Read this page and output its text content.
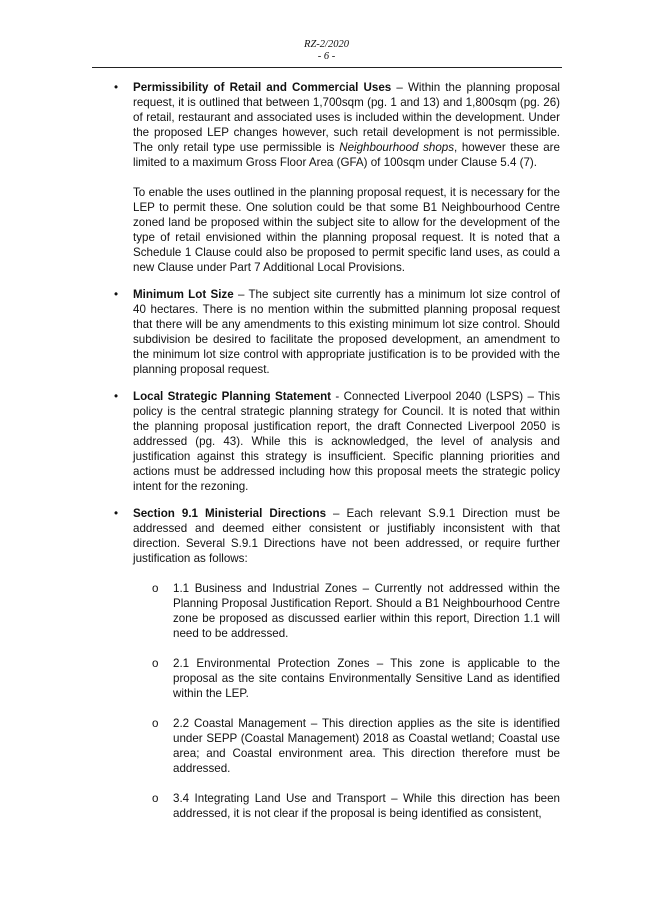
RZ-2/2020
- 6 -
• Permissibility of Retail and Commercial Uses – Within the planning proposal request, it is outlined that between 1,700sqm (pg. 1 and 13) and 1,800sqm (pg. 26) of retail, restaurant and associated uses is included within the development. Under the proposed LEP changes however, such retail development is not permissible. The only retail type use permissible is Neighbourhood shops, however these are limited to a maximum Gross Floor Area (GFA) of 100sqm under Clause 5.4 (7).

To enable the uses outlined in the planning proposal request, it is necessary for the LEP to permit these. One solution could be that some B1 Neighbourhood Centre zoned land be proposed within the subject site to allow for the development of the type of retail envisioned within the planning proposal request. It is noted that a Schedule 1 Clause could also be proposed to permit specific land uses, as could a new Clause under Part 7 Additional Local Provisions.

• Minimum Lot Size – The subject site currently has a minimum lot size control of 40 hectares. There is no mention within the submitted planning proposal request that there will be any amendments to this existing minimum lot size control. Should subdivision be desired to facilitate the proposed development, an amendment to the minimum lot size control with appropriate justification is to be provided with the planning proposal request.

• Local Strategic Planning Statement - Connected Liverpool 2040 (LSPS) – This policy is the central strategic planning strategy for Council. It is noted that within the planning proposal justification report, the draft Connected Liverpool 2050 is addressed (pg. 43). While this is acknowledged, the level of analysis and justification against this strategy is insufficient. Specific planning priorities and actions must be addressed including how this proposal meets the strategic policy intent for the rezoning.

• Section 9.1 Ministerial Directions – Each relevant S.9.1 Direction must be addressed and deemed either consistent or justifiably inconsistent with that direction. Several S.9.1 Directions have not been addressed, or require further justification as follows:

o 1.1 Business and Industrial Zones – Currently not addressed within the Planning Proposal Justification Report. Should a B1 Neighbourhood Centre zone be proposed as discussed earlier within this report, Direction 1.1 will need to be addressed.

o 2.1 Environmental Protection Zones – This zone is applicable to the proposal as the site contains Environmentally Sensitive Land as identified within the LEP.

o 2.2 Coastal Management – This direction applies as the site is identified under SEPP (Coastal Management) 2018 as Coastal wetland; Coastal use area; and Coastal environment area. This direction therefore must be addressed.

o 3.4 Integrating Land Use and Transport – While this direction has been addressed, it is not clear if the proposal is being identified as consistent,
